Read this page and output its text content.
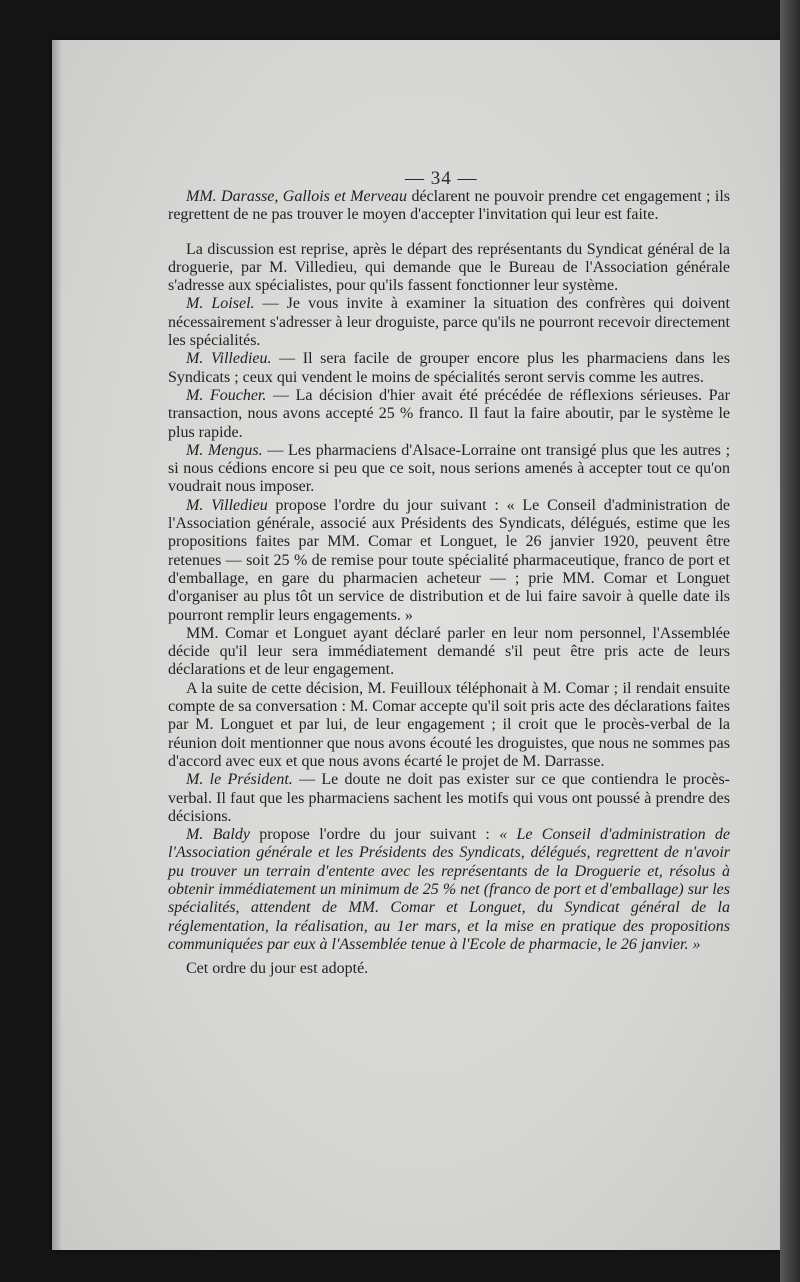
— 34 —

MM. Darasse, Gallois et Merveau déclarent ne pouvoir prendre cet engagement ; ils regrettent de ne pas trouver le moyen d'accepter l'invitation qui leur est faite.

La discussion est reprise, après le départ des représentants du Syndicat général de la droguerie, par M. Villedieu, qui demande que le Bureau de l'Association générale s'adresse aux spécialistes, pour qu'ils fassent fonctionner leur système.

M. Loisel. — Je vous invite à examiner la situation des confrères qui doivent nécessairement s'adresser à leur droguiste, parce qu'ils ne pourront recevoir directement les spécialités.

M. Villedieu. — Il sera facile de grouper encore plus les pharmaciens dans les Syndicats ; ceux qui vendent le moins de spécialités seront servis comme les autres.

M. Foucher. — La décision d'hier avait été précédée de réflexions sérieuses. Par transaction, nous avons accepté 25 % franco. Il faut la faire aboutir, par le système le plus rapide.

M. Mengus. — Les pharmaciens d'Alsace-Lorraine ont transigé plus que les autres ; si nous cédions encore si peu que ce soit, nous serions amenés à accepter tout ce qu'on voudrait nous imposer.

M. Villedieu propose l'ordre du jour suivant : « Le Conseil d'administration de l'Association générale, associé aux Présidents des Syndicats, délégués, estime que les propositions faites par MM. Comar et Longuet, le 26 janvier 1920, peuvent être retenues — soit 25 % de remise pour toute spécialité pharmaceutique, franco de port et d'emballage, en gare du pharmacien acheteur — ; prie MM. Comar et Longuet d'organiser au plus tôt un service de distribution et de lui faire savoir à quelle date ils pourront remplir leurs engagements. »

MM. Comar et Longuet ayant déclaré parler en leur nom personnel, l'Assemblée décide qu'il leur sera immédiatement demandé s'il peut être pris acte de leurs déclarations et de leur engagement.

A la suite de cette décision, M. Feuilloux téléphonait à M. Comar ; il rendait ensuite compte de sa conversation : M. Comar accepte qu'il soit pris acte des déclarations faites par M. Longuet et par lui, de leur engagement ; il croit que le procès-verbal de la réunion doit mentionner que nous avons écouté les droguistes, que nous ne sommes pas d'accord avec eux et que nous avons écarté le projet de M. Darrasse.

M. le Président. — Le doute ne doit pas exister sur ce que contiendra le procès-verbal. Il faut que les pharmaciens sachent les motifs qui vous ont poussé à prendre des décisions.

M. Baldy propose l'ordre du jour suivant : « Le Conseil d'administration de l'Association générale et les Présidents des Syndicats, délégués, regrettent de n'avoir pu trouver un terrain d'entente avec les représentants de la Droguerie et, résolus à obtenir immédiatement un minimum de 25 % net (franco de port et d'emballage) sur les spécialités, attendent de MM. Comar et Longuet, du Syndicat général de la réglementation, la réalisation, au 1er mars, et la mise en pratique des propositions communiquées par eux à l'Assemblée tenue à l'Ecole de pharmacie, le 26 janvier. »

Cet ordre du jour est adopté.
